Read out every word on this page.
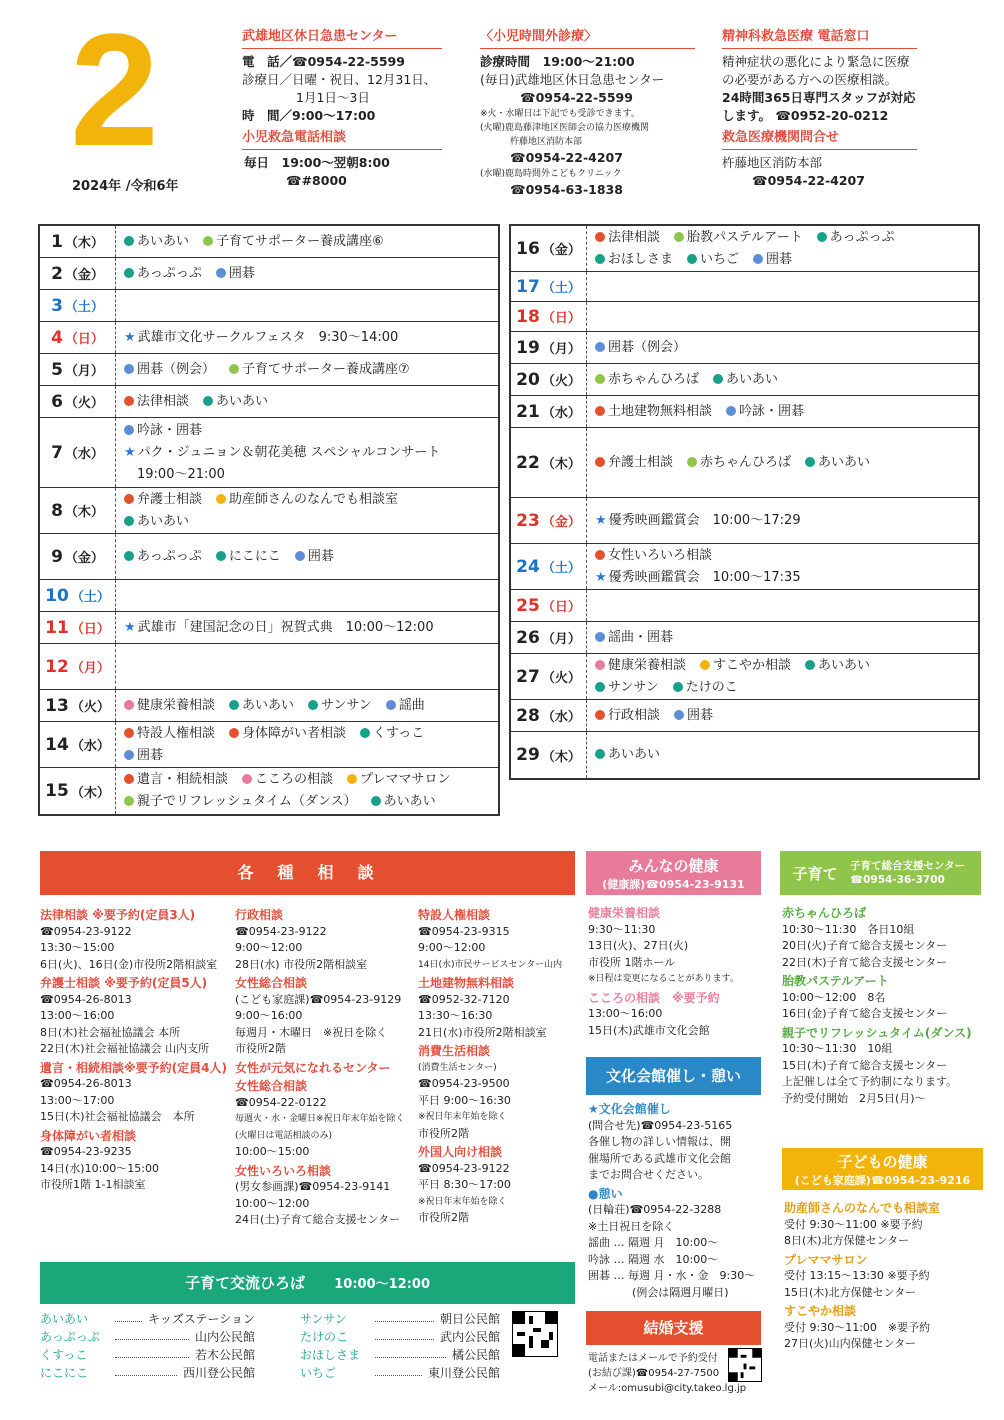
2
2024年 /令和6年
武雄地区休日急患センター
電　話／☎0954-22-5599
診療日／日曜・祝日、12月31日、
1月1日～3日
時　間／9:00～17:00
小児救急電話相談
毎日　19:00～翌朝8:00
☎#8000
〈小児時間外診療〉
診療時間　19:00～21:00
(毎日)武雄地区休日急患センター
☎0954-22-5599
※火・水曜日は下記でも受診できます。
(火曜)鹿島藤津地区医師会の協力医療機関
杵藤地区消防本部
☎0954-22-4207
(水曜)鹿島時間外こどもクリニック
☎0954-63-1838
精神科救急医療 電話窓口
精神症状の悪化により緊急に医療
の必要がある方への医療相談。
24時間365日専門スタッフが対応
します。 ☎0952-20-0212
救急医療機関問合せ
杵藤地区消防本部
☎0954-22-4207
1 （木）	あいあい 子育てサポーター養成講座⑥
2 （金）	あっぷっぷ 囲碁
3 （土）
4 （日） ★ 武雄市文化サークルフェスタ　9:30～14:00
5 （月）	囲碁（例会） 子育てサポーター養成講座⑦
6 （火）	法律相談 あいあい
7 （水）
吟詠・囲碁
★ パク・ジュニョン＆朝花美穂 スペシャルコンサート
　19:00～21:00
8 （木）
弁護士相談 助産師さんのなんでも相談室
あいあい
9 （金）	あっぷっぷ にこにこ 囲碁
10 （土）
11 （日） ★ 武雄市「建国記念の日」祝賀式典　10:00～12:00
12 （月）
13 （火）	健康栄養相談 あいあい サンサン 謡曲
14 （水）
特設人権相談 身体障がい者相談 くすっこ
囲碁
15 （木）
遺言・相続相談 こころの相談 プレママサロン
親子でリフレッシュタイム（ダンス） あいあい
16 （金）
法律相談 胎教パステルアート あっぷっぷ
おほしさま いちご 囲碁
17 （土）
18 （日）
19 （月）	囲碁（例会）
20 （火）	赤ちゃんひろば あいあい
21 （水）	土地建物無料相談 吟詠・囲碁
22 （木）	弁護士相談 赤ちゃんひろば あいあい
23 （金） ★ 優秀映画鑑賞会　10:00～17:29
24 （土）
女性いろいろ相談
★ 優秀映画鑑賞会　10:00～17:35
25 （日）
26 （月）	謡曲・囲碁
27 （火）
健康栄養相談 すこやか相談 あいあい
サンサン たけのこ
28 （水）	行政相談 囲碁
29 （木）	あいあい
各　種　相　談
法律相談 ※要予約(定員3人)
☎0954-23-9122
13:30～15:00
6日(火)、16日(金)市役所2階相談室
弁護士相談 ※要予約(定員5人)
☎0954-26-8013
13:00～16:00
8日(木)社会福祉協議会 本所
22日(木)社会福祉協議会 山内支所
遺言・相続相談※要予約(定員4人)
☎0954-26-8013
13:00～17:00
15日(木)社会福祉協議会　本所
身体障がい者相談
☎0954-23-9235
14日(水)10:00～15:00
市役所1階 1-1相談室
行政相談
☎0954-23-9122
9:00～12:00
28日(水) 市役所2階相談室
女性総合相談
(こども家庭課)☎0954-23-9129
9:00～16:00
毎週月・木曜日　※祝日を除く
市役所2階
女性が元気になれるセンター
女性総合相談
☎0954-22-0122
毎週火・水・金曜日※祝日年末年始を除く
(火曜日は電話相談のみ)
10:00～15:00
女性いろいろ相談
(男女参画課)☎0954-23-9141
10:00～12:00
24日(土)子育て総合支援センター
特設人権相談
☎0954-23-9315
9:00～12:00
14日(水)市民サービスセンター山内
土地建物無料相談
☎0952-32-7120
13:30～16:30
21日(水)市役所2階相談室
消費生活相談
(消費生活センター)
☎0954-23-9500
平日 9:00～16:30
※祝日年末年始を除く
市役所2階
外国人向け相談
☎0954-23-9122
平日 8:30～17:00
※祝日年末年始を除く
市役所2階
子育て交流ひろば 10:00～12:00
あいあい	キッズステーション
あっぷっぷ	山内公民館
くすっこ	若木公民館
にこにこ	西川登公民館
サンサン	朝日公民館
たけのこ	武内公民館
おほしさま	橘公民館
いちご	東川登公民館
みんなの健康
(健康課)☎0954-23-9131
健康栄養相談
9:30～11:30
13日(火)、27日(火)
市役所 1階ホール
※日程は変更になることがあります。
こころの相談　※要予約
13:00～16:00
15日(木)武雄市文化会館
文化会館催し・憩い
★文化会館催し
(問合せ先)☎0954-23-5165
各催し物の詳しい情報は、開
催場所である武雄市文化会館
までお問合せください。
●憩い
(日輪荘)☎0954-22-3288
※土日祝日を除く
謡曲 … 隔週 月　10:00～
吟詠 … 隔週 水　10:00～
囲碁 … 毎週 月・水・金　9:30～
　　　　(例会は隔週月曜日)
結婚支援
電話またはメールで予約受付
(お結び課)☎0954-27-7500
メール:omusubi@city.takeo.lg.jp
子育て	子育て総合支援センター
☎0954-36-3700
赤ちゃんひろば
10:30～11:30　各日10組
20日(火)子育て総合支援センター
22日(木)子育て総合支援センター
胎教パステルアート
10:00～12:00　8名
16日(金)子育て総合支援センター
親子でリフレッシュタイム(ダンス)
10:30～11:30　10組
15日(木)子育て総合支援センター
上記催しは全て予約制になります。
予約受付開始　2月5日(月)～
子どもの健康
(こども家庭課)☎0954-23-9216
助産師さんのなんでも相談室
受付 9:30～11:00 ※要予約
8日(木)北方保健センター
プレママサロン
受付 13:15～13:30 ※要予約
15日(木)北方保健センター
すこやか相談
受付 9:30～11:00　※要予約
27日(火)山内保健センター
